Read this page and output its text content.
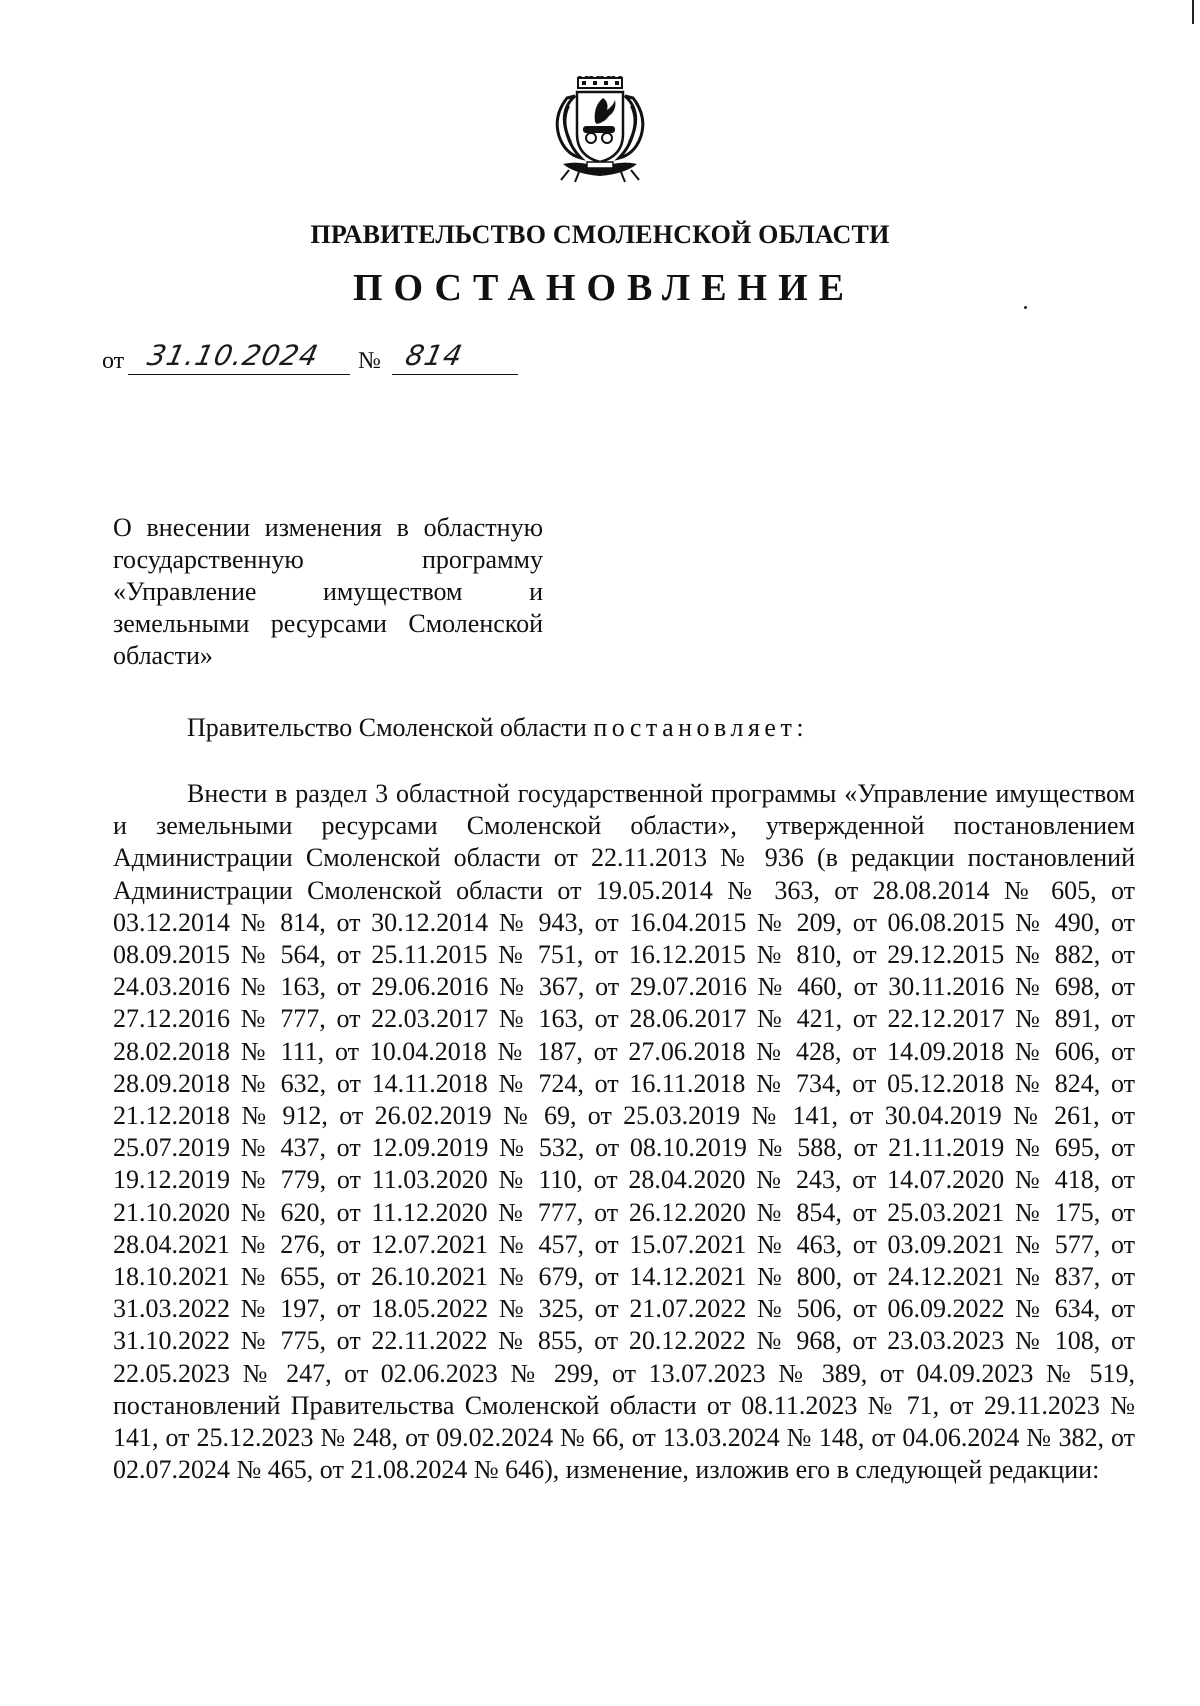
ПРАВИТЕЛЬСТВО СМОЛЕНСКОЙ ОБЛАСТИ
ПОСТАНОВЛЕНИЕ
от 31.10.2024 № 814
О внесении изменения в областную государственную программу «Управление имуществом и земельными ресурсами Смоленской области»
Правительство Смоленской области постановляет:
Внести в раздел 3 областной государственной программы «Управление имуществом и земельными ресурсами Смоленской области», утвержденной постановлением Администрации Смоленской области от 22.11.2013 № 936 (в редакции постановлений Администрации Смоленской области от 19.05.2014 № 363, от 28.08.2014 № 605, от 03.12.2014 № 814, от 30.12.2014 № 943, от 16.04.2015 № 209, от 06.08.2015 № 490, от 08.09.2015 № 564, от 25.11.2015 № 751, от 16.12.2015 № 810, от 29.12.2015 № 882, от 24.03.2016 № 163, от 29.06.2016 № 367, от 29.07.2016 № 460, от 30.11.2016 № 698, от 27.12.2016 № 777, от 22.03.2017 № 163, от 28.06.2017 № 421, от 22.12.2017 № 891, от 28.02.2018 № 111, от 10.04.2018 № 187, от 27.06.2018 № 428, от 14.09.2018 № 606, от 28.09.2018 № 632, от 14.11.2018 № 724, от 16.11.2018 № 734, от 05.12.2018 № 824, от 21.12.2018 № 912, от 26.02.2019 № 69, от 25.03.2019 № 141, от 30.04.2019 № 261, от 25.07.2019 № 437, от 12.09.2019 № 532, от 08.10.2019 № 588, от 21.11.2019 № 695, от 19.12.2019 № 779, от 11.03.2020 № 110, от 28.04.2020 № 243, от 14.07.2020 № 418, от 21.10.2020 № 620, от 11.12.2020 № 777, от 26.12.2020 № 854, от 25.03.2021 № 175, от 28.04.2021 № 276, от 12.07.2021 № 457, от 15.07.2021 № 463, от 03.09.2021 № 577, от 18.10.2021 № 655, от 26.10.2021 № 679, от 14.12.2021 № 800, от 24.12.2021 № 837, от 31.03.2022 № 197, от 18.05.2022 № 325, от 21.07.2022 № 506, от 06.09.2022 № 634, от 31.10.2022 № 775, от 22.11.2022 № 855, от 20.12.2022 № 968, от 23.03.2023 № 108, от 22.05.2023 № 247, от 02.06.2023 № 299, от 13.07.2023 № 389, от 04.09.2023 № 519, постановлений Правительства Смоленской области от 08.11.2023 № 71, от 29.11.2023 № 141, от 25.12.2023 № 248, от 09.02.2024 № 66, от 13.03.2024 № 148, от 04.06.2024 № 382, от 02.07.2024 № 465, от 21.08.2024 № 646), изменение, изложив его в следующей редакции:
